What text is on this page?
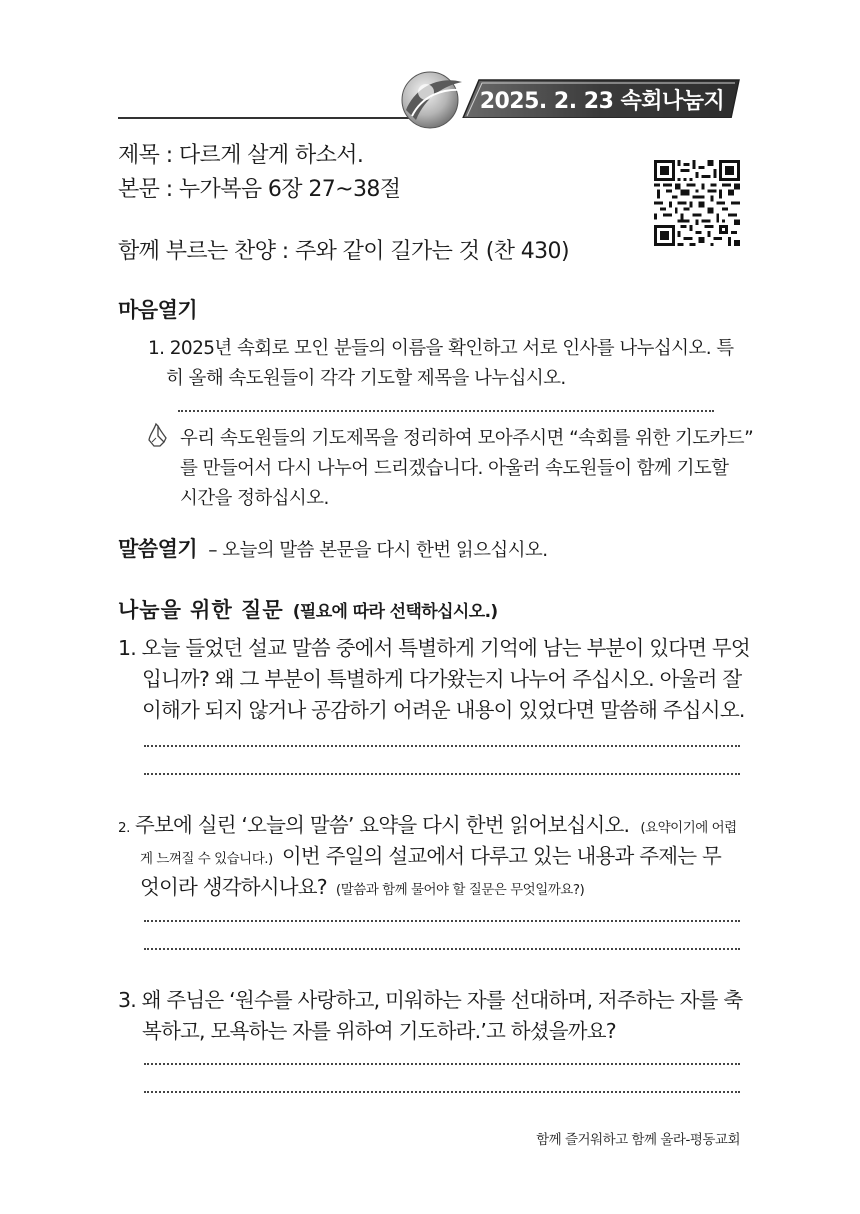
2025. 2. 23 속회나눔지
제목 : 다르게 살게 하소서.
본문 : 누가복음 6장 27~38절
함께 부르는 찬양 : 주와 같이 길가는 것 (찬 430)
마음열기
1. 2025년 속회로 모인 분들의 이름을 확인하고 서로 인사를 나누십시오. 특
히 올해 속도원들이 각각 기도할 제목을 나누십시오.
우리 속도원들의 기도제목을 정리하여 모아주시면 “속회를 위한 기도카드”
를 만들어서 다시 나누어 드리겠습니다. 아울러 속도원들이 함께 기도할
시간을 정하십시오.
말씀열기 – 오늘의 말씀 본문을 다시 한번 읽으십시오.
나눔을 위한 질문 (필요에 따라 선택하십시오.)
1. 오늘 들었던 설교 말씀 중에서 특별하게 기억에 남는 부분이 있다면 무엇
입니까? 왜 그 부분이 특별하게 다가왔는지 나누어 주십시오. 아울러 잘
이해가 되지 않거나 공감하기 어려운 내용이 있었다면 말씀해 주십시오.
2. 주보에 실린 ‘오늘의 말씀’ 요약을 다시 한번 읽어보십시오. (요약이기에 어렵
게 느껴질 수 있습니다.) 이번 주일의 설교에서 다루고 있는 내용과 주제는 무
엇이라 생각하시나요? (말씀과 함께 물어야 할 질문은 무엇일까요?)
3. 왜 주님은 ‘원수를 사랑하고, 미워하는 자를 선대하며, 저주하는 자를 축
복하고, 모욕하는 자를 위하여 기도하라.’고 하셨을까요?
함께 즐거워하고 함께 울라-평동교회
